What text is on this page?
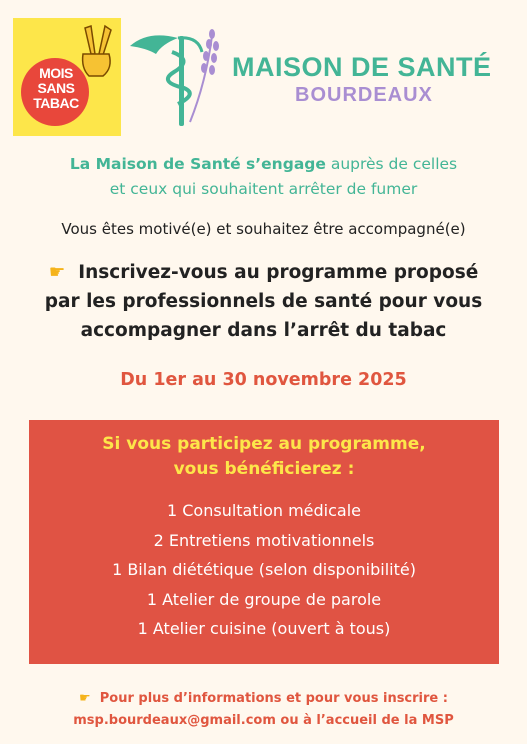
MOIS
SANS
TABAC
MAISON DE SANTÉ
BOURDEAUX
La Maison de Santé s’engage auprès de celles
et ceux qui souhaitent arrêter de fumer
Vous êtes motivé(e) et souhaitez être accompagné(e)
☛ Inscrivez-vous au programme proposé
par les professionnels de santé pour vous
accompagner dans l’arrêt du tabac
Du 1er au 30 novembre 2025
Si vous participez au programme,
vous bénéficierez :
1 Consultation médicale
2 Entretiens motivationnels
1 Bilan diététique (selon disponibilité)
1 Atelier de groupe de parole
1 Atelier cuisine (ouvert à tous)
☛ Pour plus d’informations et pour vous inscrire :
msp.bourdeaux@gmail.com ou à l’accueil de la MSP
